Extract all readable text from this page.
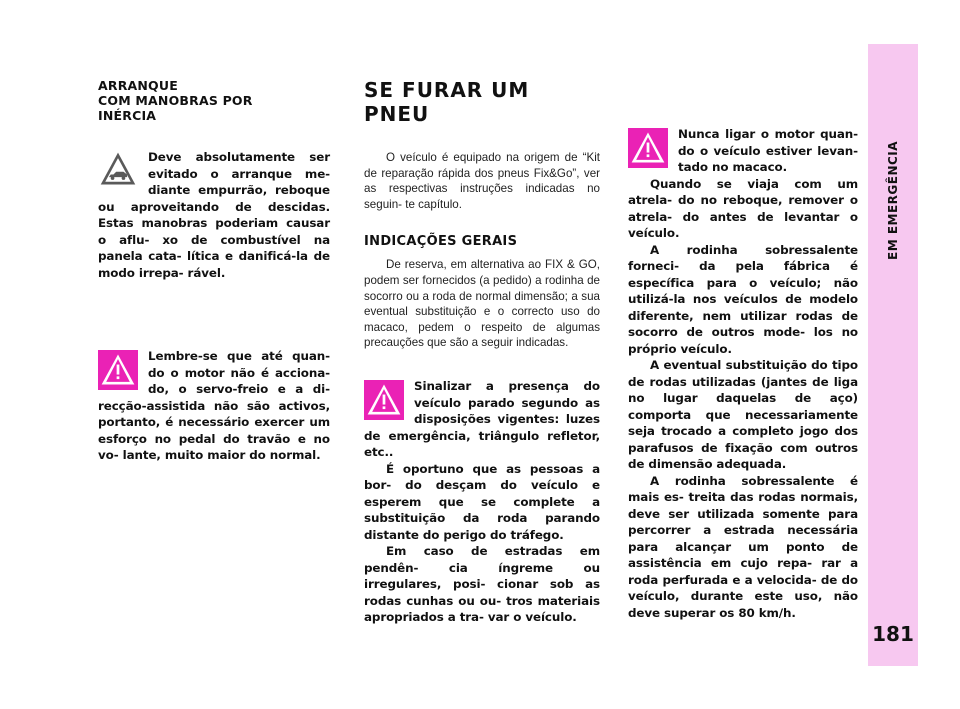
EM EMERGÊNCIA
181
ARRANQUE
COM MANOBRAS POR
INÉRCIA

Deve absolutamente ser evitado o arranque me- diante empurrão, reboque ou aproveitando de descidas. Estas manobras poderiam causar o aflu- xo de combustível na panela cata- lítica e danificá-la de modo irrepa- rável.

Lembre-se que até quan- do o motor não é acciona- do, o servo-freio e a di- recção-assistida não são activos, portanto, é necessário exercer um esforço no pedal do travão e no vo- lante, muito maior do normal.

SE FURAR UM PNEU

O veículo é equipado na origem de “Kit de reparação rápida dos pneus Fix&Go”, ver as respectivas instruções indicadas no seguin- te capítulo.

INDICAÇÕES GERAIS

De reserva, em alternativa ao FIX & GO, podem ser fornecidos (a pedido) a rodinha de socorro ou a roda de normal dimensão; a sua eventual substituição e o correcto uso do macaco, pedem o respeito de algumas precauções que são a seguir indicadas.

Sinalizar a presença do veículo parado segundo as disposições vigentes: luzes de emergência, triângulo refletor, etc..

É oportuno que as pessoas a bor- do desçam do veículo e esperem que se complete a substituição da roda parando distante do perigo do tráfego.

Em caso de estradas em pendên- cia íngreme ou irregulares, posi- cionar sob as rodas cunhas ou ou- tros materiais apropriados a tra- var o veículo.

Nunca ligar o motor quan- do o veículo estiver levan- tado no macaco.

Quando se viaja com um atrela- do no reboque, remover o atrela- do antes de levantar o veículo.

A rodinha sobressalente forneci- da pela fábrica é específica para o veículo; não utilizá-la nos veículos de modelo diferente, nem utilizar rodas de socorro de outros mode- los no próprio veículo.

A eventual substituição do tipo de rodas utilizadas (jantes de liga no lugar daquelas de aço) comporta que necessariamente seja trocado a completo jogo dos parafusos de fixação com outros de dimensão adequada.

A rodinha sobressalente é mais es- treita das rodas normais, deve ser utilizada somente para percorrer a estrada necessária para alcançar um ponto de assistência em cujo repa- rar a roda perfurada e a velocida- de do veículo, durante este uso, não deve superar os 80 km/h.
